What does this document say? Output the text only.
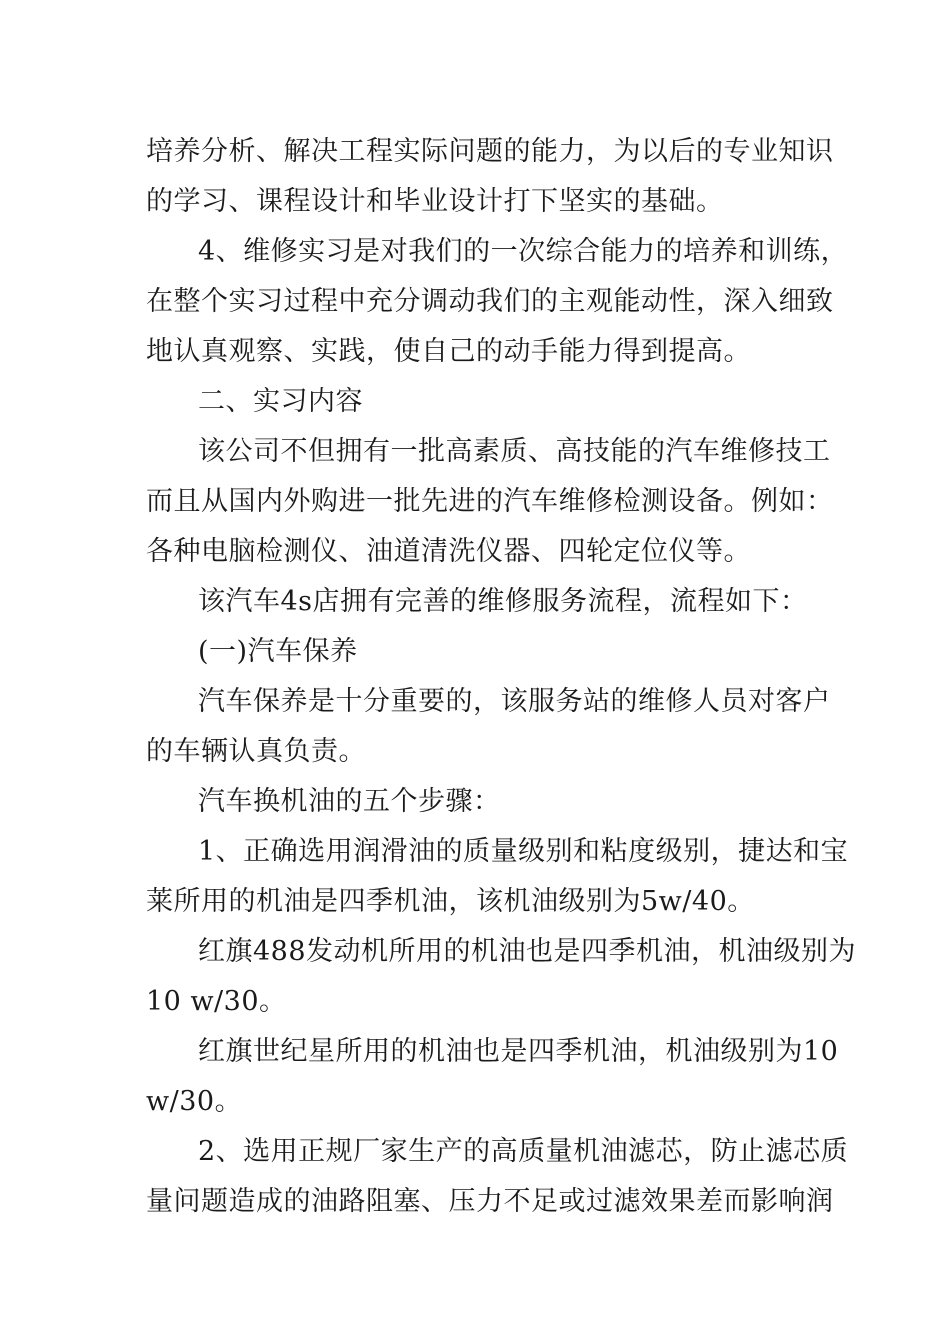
培养分析、解决工程实际问题的能力，为以后的专业知识
的学习、课程设计和毕业设计打下坚实的基础。
4、维修实习是对我们的一次综合能力的培养和训练，
在整个实习过程中充分调动我们的主观能动性，深入细致
地认真观察、实践，使自己的动手能力得到提高。
二、实习内容
该公司不但拥有一批高素质、高技能的汽车维修技工
而且从国内外购进一批先进的汽车维修检测设备。例如：
各种电脑检测仪、油道清洗仪器、四轮定位仪等。
该汽车4s店拥有完善的维修服务流程，流程如下：
(一)汽车保养
汽车保养是十分重要的，该服务站的维修人员对客户
的车辆认真负责。
汽车换机油的五个步骤：
1、正确选用润滑油的质量级别和粘度级别，捷达和宝
莱所用的机油是四季机油，该机油级别为5w/40。
红旗488发动机所用的机油也是四季机油，机油级别为
10 w/30。
红旗世纪星所用的机油也是四季机油，机油级别为10
w/30。
2、选用正规厂家生产的高质量机油滤芯，防止滤芯质
量问题造成的油路阻塞、压力不足或过滤效果差而影响润
